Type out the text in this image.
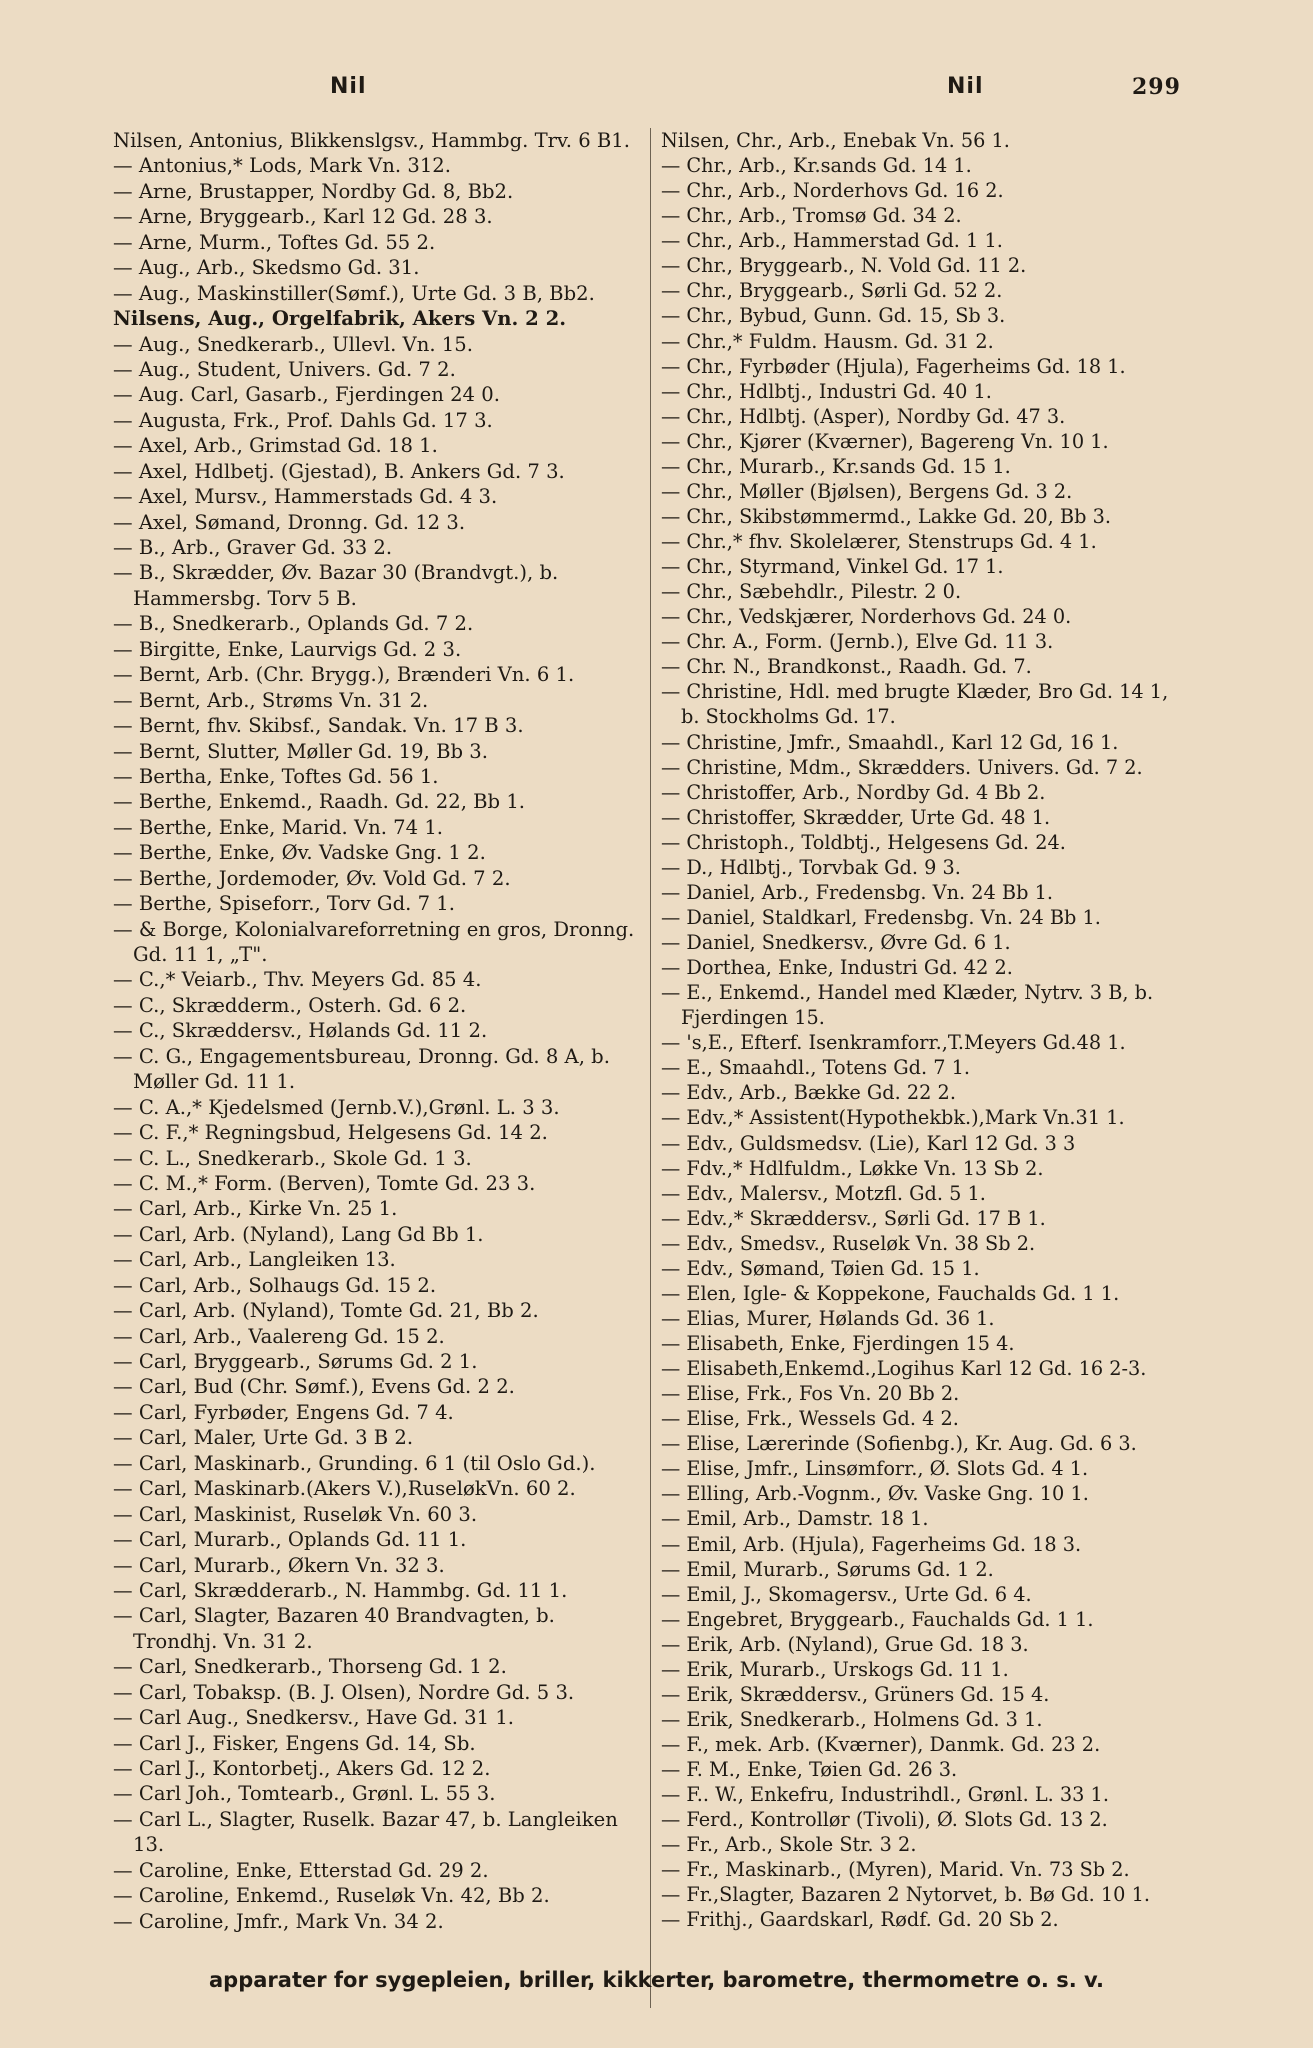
Nil	Nil	299

Nilsen, Antonius, Blikkenslgsv., Hammbg. Trv. 6 B1.

— Antonius,* Lods, Mark Vn. 312.

— Arne, Brustapper, Nordby Gd. 8, Bb2.

— Arne, Bryggearb., Karl 12 Gd. 28 3.

— Arne, Murm., Toftes Gd. 55 2.

— Aug., Arb., Skedsmo Gd. 31.

— Aug., Maskinstiller(Sømf.), Urte Gd. 3 B, Bb2.

Nilsens, Aug., Orgelfabrik, Akers Vn. 2 2.

— Aug., Snedkerarb., Ullevl. Vn. 15.

— Aug., Student, Univers. Gd. 7 2.

— Aug. Carl, Gasarb., Fjerdingen 24 0.

— Augusta, Frk., Prof. Dahls Gd. 17 3.

— Axel, Arb., Grimstad Gd. 18 1.

— Axel, Hdlbetj. (Gjestad), B. Ankers Gd. 7 3.

— Axel, Mursv., Hammerstads Gd. 4 3.

— Axel, Sømand, Dronng. Gd. 12 3.

— B., Arb., Graver Gd. 33 2.

— B., Skrædder, Øv. Bazar 30 (Brandvgt.), b. Hammersbg. Torv 5 B.

— B., Snedkerarb., Oplands Gd. 7 2.

— Birgitte, Enke, Laurvigs Gd. 2 3.

— Bernt, Arb. (Chr. Brygg.), Brænderi Vn. 6 1.

— Bernt, Arb., Strøms Vn. 31 2.

— Bernt, fhv. Skibsf., Sandak. Vn. 17 B 3.

— Bernt, Slutter, Møller Gd. 19, Bb 3.

— Bertha, Enke, Toftes Gd. 56 1.

— Berthe, Enkemd., Raadh. Gd. 22, Bb 1.

— Berthe, Enke, Marid. Vn. 74 1.

— Berthe, Enke, Øv. Vadske Gng. 1 2.

— Berthe, Jordemoder, Øv. Vold Gd. 7 2.

— Berthe, Spiseforr., Torv Gd. 7 1.

— & Borge, Kolonialvareforretning en gros, Dronng. Gd. 11 1, „T".

— C.,* Veiarb., Thv. Meyers Gd. 85 4.

— C., Skrædderm., Osterh. Gd. 6 2.

— C., Skræddersv., Hølands Gd. 11 2.

— C. G., Engagementsbureau, Dronng. Gd. 8 A, b. Møller Gd. 11 1.

— C. A.,* Kjedelsmed (Jernb.V.),Grønl. L. 3 3.

— C. F.,* Regningsbud, Helgesens Gd. 14 2.

— C. L., Snedkerarb., Skole Gd. 1 3.

— C. M.,* Form. (Berven), Tomte Gd. 23 3.

— Carl, Arb., Kirke Vn. 25 1.

— Carl, Arb. (Nyland), Lang Gd Bb 1.

— Carl, Arb., Langleiken 13.

— Carl, Arb., Solhaugs Gd. 15 2.

— Carl, Arb. (Nyland), Tomte Gd. 21, Bb 2.

— Carl, Arb., Vaalereng Gd. 15 2.

— Carl, Bryggearb., Sørums Gd. 2 1.

— Carl, Bud (Chr. Sømf.), Evens Gd. 2 2.

— Carl, Fyrbøder, Engens Gd. 7 4.

— Carl, Maler, Urte Gd. 3 B 2.

— Carl, Maskinarb., Grunding. 6 1 (til Oslo Gd.).

— Carl, Maskinarb.(Akers V.),RuseløkVn. 60 2.

— Carl, Maskinist, Ruseløk Vn. 60 3.

— Carl, Murarb., Oplands Gd. 11 1.

— Carl, Murarb., Økern Vn. 32 3.

— Carl, Skrædderarb., N. Hammbg. Gd. 11 1.

— Carl, Slagter, Bazaren 40 Brandvagten, b. Trondhj. Vn. 31 2.

— Carl, Snedkerarb., Thorseng Gd. 1 2.

— Carl, Tobaksp. (B. J. Olsen), Nordre Gd. 5 3.

— Carl Aug., Snedkersv., Have Gd. 31 1.

— Carl J., Fisker, Engens Gd. 14, Sb.

— Carl J., Kontorbetj., Akers Gd. 12 2.

— Carl Joh., Tomtearb., Grønl. L. 55 3.

— Carl L., Slagter, Ruselk. Bazar 47, b. Langleiken 13.

— Caroline, Enke, Etterstad Gd. 29 2.

— Caroline, Enkemd., Ruseløk Vn. 42, Bb 2.

— Caroline, Jmfr., Mark Vn. 34 2.

Nilsen, Chr., Arb., Enebak Vn. 56 1.

— Chr., Arb., Kr.sands Gd. 14 1.

— Chr., Arb., Norderhovs Gd. 16 2.

— Chr., Arb., Tromsø Gd. 34 2.

— Chr., Arb., Hammerstad Gd. 1 1.

— Chr., Bryggearb., N. Vold Gd. 11 2.

— Chr., Bryggearb., Sørli Gd. 52 2.

— Chr., Bybud, Gunn. Gd. 15, Sb 3.

— Chr.,* Fuldm. Hausm. Gd. 31 2.

— Chr., Fyrbøder (Hjula), Fagerheims Gd. 18 1.

— Chr., Hdlbtj., Industri Gd. 40 1.

— Chr., Hdlbtj. (Asper), Nordby Gd. 47 3.

— Chr., Kjører (Kværner), Bagereng Vn. 10 1.

— Chr., Murarb., Kr.sands Gd. 15 1.

— Chr., Møller (Bjølsen), Bergens Gd. 3 2.

— Chr., Skibstømmermd., Lakke Gd. 20, Bb 3.

— Chr.,* fhv. Skolelærer, Stenstrups Gd. 4 1.

— Chr., Styrmand, Vinkel Gd. 17 1.

— Chr., Sæbehdlr., Pilestr. 2 0.

— Chr., Vedskjærer, Norderhovs Gd. 24 0.

— Chr. A., Form. (Jernb.), Elve Gd. 11 3.

— Chr. N., Brandkonst., Raadh. Gd. 7.

— Christine, Hdl. med brugte Klæder, Bro Gd. 14 1, b. Stockholms Gd. 17.

— Christine, Jmfr., Smaahdl., Karl 12 Gd, 16 1.

— Christine, Mdm., Skrædders. Univers. Gd. 7 2.

— Christoffer, Arb., Nordby Gd. 4 Bb 2.

— Christoffer, Skrædder, Urte Gd. 48 1.

— Christoph., Toldbtj., Helgesens Gd. 24.

— D., Hdlbtj., Torvbak Gd. 9 3.

— Daniel, Arb., Fredensbg. Vn. 24 Bb 1.

— Daniel, Staldkarl, Fredensbg. Vn. 24 Bb 1.

— Daniel, Snedkersv., Øvre Gd. 6 1.

— Dorthea, Enke, Industri Gd. 42 2.

— E., Enkemd., Handel med Klæder, Nytrv. 3 B, b. Fjerdingen 15.

— 's,E., Efterf. Isenkramforr.,T.Meyers Gd.48 1.

— E., Smaahdl., Totens Gd. 7 1.

— Edv., Arb., Bække Gd. 22 2.

— Edv.,* Assistent(Hypothekbk.),Mark Vn.31 1.

— Edv., Guldsmedsv. (Lie), Karl 12 Gd. 3 3

— Fdv.,* Hdlfuldm., Løkke Vn. 13 Sb 2.

— Edv., Malersv., Motzfl. Gd. 5 1.

— Edv.,* Skræddersv., Sørli Gd. 17 B 1.

— Edv., Smedsv., Ruseløk Vn. 38 Sb 2.

— Edv., Sømand, Tøien Gd. 15 1.

— Elen, Igle- & Koppekone, Fauchalds Gd. 1 1.

— Elias, Murer, Hølands Gd. 36 1.

— Elisabeth, Enke, Fjerdingen 15 4.

— Elisabeth,Enkemd.,Logihus Karl 12 Gd. 16 2-3.

— Elise, Frk., Fos Vn. 20 Bb 2.

— Elise, Frk., Wessels Gd. 4 2.

— Elise, Lærerinde (Sofienbg.), Kr. Aug. Gd. 6 3.

— Elise, Jmfr., Linsømforr., Ø. Slots Gd. 4 1.

— Elling, Arb.-Vognm., Øv. Vaske Gng. 10 1.

— Emil, Arb., Damstr. 18 1.

— Emil, Arb. (Hjula), Fagerheims Gd. 18 3.

— Emil, Murarb., Sørums Gd. 1 2.

— Emil, J., Skomagersv., Urte Gd. 6 4.

— Engebret, Bryggearb., Fauchalds Gd. 1 1.

— Erik, Arb. (Nyland), Grue Gd. 18 3.

— Erik, Murarb., Urskogs Gd. 11 1.

— Erik, Skræddersv., Grüners Gd. 15 4.

— Erik, Snedkerarb., Holmens Gd. 3 1.

— F., mek. Arb. (Kværner), Danmk. Gd. 23 2.

— F. M., Enke, Tøien Gd. 26 3.

— F.. W., Enkefru, Industrihdl., Grønl. L. 33 1.

— Ferd., Kontrollør (Tivoli), Ø. Slots Gd. 13 2.

— Fr., Arb., Skole Str. 3 2.

— Fr., Maskinarb., (Myren), Marid. Vn. 73 Sb 2.

— Fr.,Slagter, Bazaren 2 Nytorvet, b. Bø Gd. 10 1.

— Frithj., Gaardskarl, Rødf. Gd. 20 Sb 2.

apparater for sygepleien, briller, kikkerter, barometre, thermometre o. s. v.
